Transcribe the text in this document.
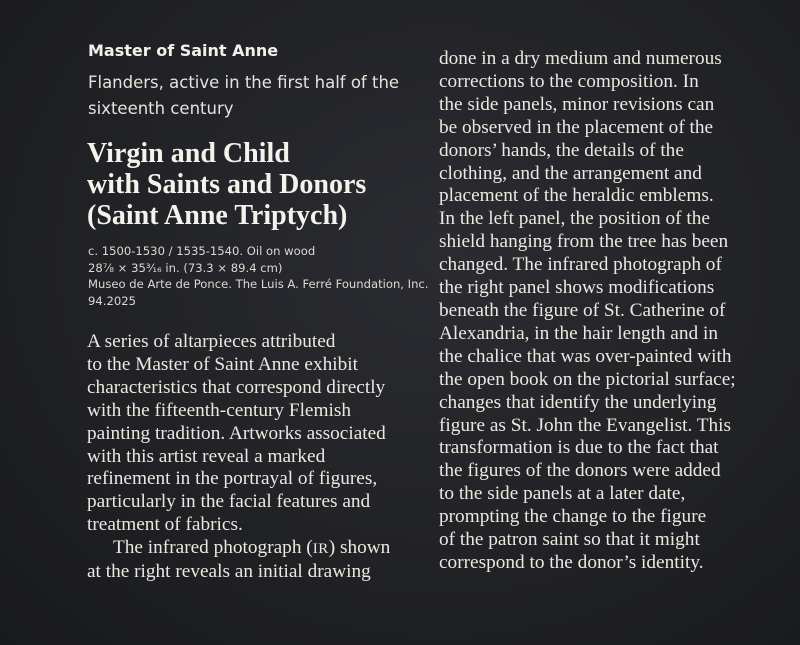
Master of Saint Anne
Flanders, active in the first half of the
sixteenth century
Virgin and Child
with Saints and Donors
(Saint Anne Triptych)
c. 1500-1530 / 1535-1540. Oil on wood
28⅞ × 35³⁄₁₆ in. (73.3 × 89.4 cm)
Museo de Arte de Ponce. The Luis A. Ferré Foundation, Inc.
94.2025
A series of altarpieces attributed
to the Master of Saint Anne exhibit
characteristics that correspond directly
with the fifteenth-century Flemish
painting tradition. Artworks associated
with this artist reveal a marked
refinement in the portrayal of figures,
particularly in the facial features and
treatment of fabrics.
The infrared photograph (IR) shown
at the right reveals an initial drawing
done in a dry medium and numerous
corrections to the composition. In
the side panels, minor revisions can
be observed in the placement of the
donors’ hands, the details of the
clothing, and the arrangement and
placement of the heraldic emblems.
In the left panel, the position of the
shield hanging from the tree has been
changed. The infrared photograph of
the right panel shows modifications
beneath the figure of St. Catherine of
Alexandria, in the hair length and in
the chalice that was over-painted with
the open book on the pictorial surface;
changes that identify the underlying
figure as St. John the Evangelist. This
transformation is due to the fact that
the figures of the donors were added
to the side panels at a later date,
prompting the change to the figure
of the patron saint so that it might
correspond to the donor’s identity.
